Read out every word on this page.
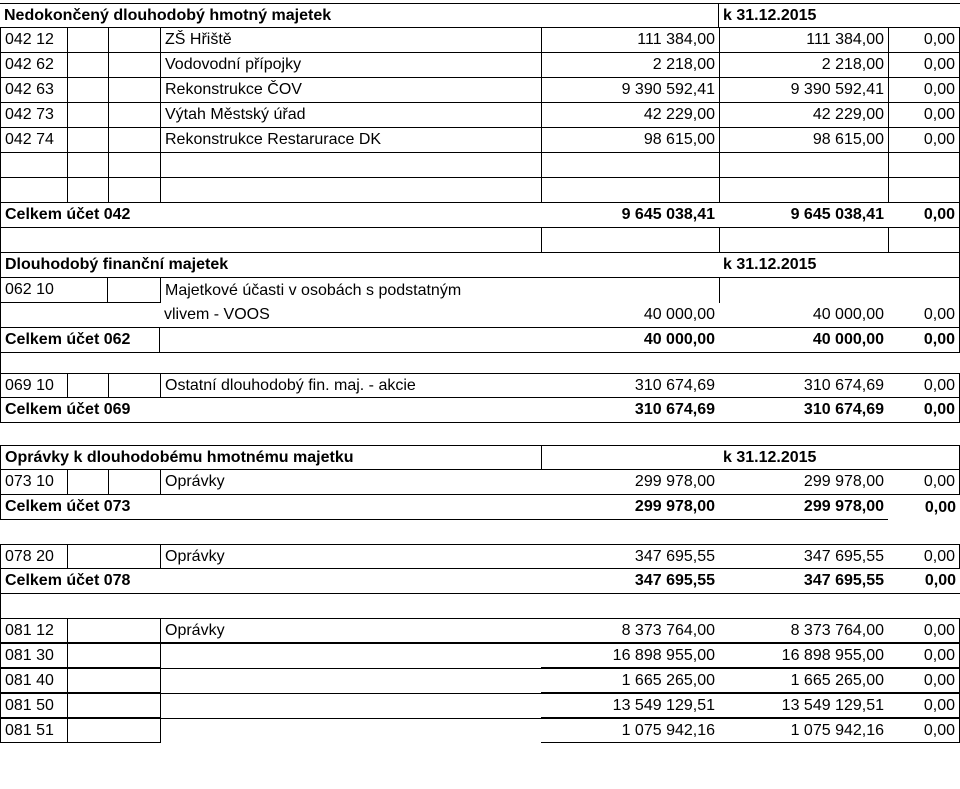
Nedokončený dlouhodobý hmotný majetek	k 31.12.2015
042 12	ZŠ Hřiště	111 384,00	111 384,00	0,00
042 62	Vodovodní přípojky	2 218,00	2 218,00	0,00
042 63	Rekonstrukce ČOV	9 390 592,41	9 390 592,41	0,00
042 73	Výtah Městský úřad	42 229,00	42 229,00	0,00
042 74	Rekonstrukce Restarurace DK	98 615,00	98 615,00	0,00
Celkem účet 042	9 645 038,41	9 645 038,41	0,00
Dlouhodobý finanční majetek	k 31.12.2015
062 10	Majetkové účasti v osobách s podstatným
vlivem - VOOS	40 000,00	40 000,00	0,00
Celkem účet 062	40 000,00	40 000,00	0,00
069 10	Ostatní dlouhodobý fin. maj. - akcie	310 674,69	310 674,69	0,00
Celkem účet 069	310 674,69	310 674,69	0,00
Oprávky k dlouhodobému hmotnému majetku	k 31.12.2015
073 10	Oprávky	299 978,00	299 978,00	0,00
Celkem účet 073	299 978,00	299 978,00	0,00
078 20	Oprávky	347 695,55	347 695,55	0,00
Celkem účet 078	347 695,55	347 695,55	0,00
081 12	Oprávky	8 373 764,00	8 373 764,00	0,00
081 30	16 898 955,00	16 898 955,00	0,00
081 40	1 665 265,00	1 665 265,00	0,00
081 50	13 549 129,51	13 549 129,51	0,00
081 51	1 075 942,16	1 075 942,16	0,00
